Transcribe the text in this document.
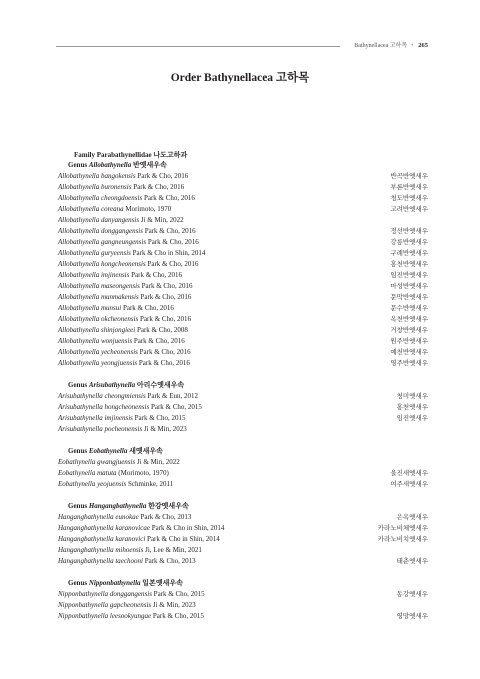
Bathynellacea 고하목 • 265
Order Bathynellacea 고하목
Family Parabathynellidae 나도고하과
Genus Allobathynella 반옛새우속
Allobathynella bangokensis Park & Cho, 2016	반곡반옛새우
Allobathynella buronensis Park & Cho, 2016	부론반옛새우
Allobathynella cheongdoensis Park & Cho, 2016	청도반옛새우
Allobathynella coreana Morimoto, 1970	고려반옛새우
Allobathynella danyangensis Ji & Min, 2022
Allobathynella donggangensis Park & Cho, 2016	정선반옛새우
Allobathynella gangneungensis Park & Cho, 2016	강릉반옛새우
Allobathynella guryeensis Park & Cho in Shin, 2014	구례반옛새우
Allobathynella hongcheonensis Park & Cho, 2016	홍천반옛새우
Allobathynella imjinensis Park & Cho, 2016	임진반옛새우
Allobathynella maseongensis Park & Cho, 2016	마성반옛새우
Allobathynella munmakensis Park & Cho, 2016	문막반옛새우
Allobathynella munsui Park & Cho, 2016	문수반옛새우
Allobathynella okcheonensis Park & Cho, 2016	옥천반옛새우
Allobathynella shinjongieei Park & Cho, 2008	거창반옛새우
Allobathynella wonjuensis Park & Cho, 2016	원주반옛새우
Allobathynella yecheonensis Park & Cho, 2016	예천반옛새우
Allobathynella yeongjuensis Park & Cho, 2016	영주반옛새우
Genus Arisubathynella 아리수옛새우속
Arisubathynella cheongmiensis Park & Eun, 2012	청미옛새우
Arisubathynella hongcheonensis Park & Cho, 2015	홍천옛새우
Arisubathynella imjinensis Park & Cho, 2015	임진옛새우
Arisubathynella pocheonensis Ji & Min, 2023
Genus Eobathynella 새옛새우속
Eobathynella gwangjuensis Ji & Min, 2022
Eobathynella matuta (Morimoto, 1970)	울진새옛새우
Eobathynella yeojuensis Schminke, 2011	여주새옛새우
Genus Hangangbathynella 한강옛새우속
Hangangbathynella eunokae Park & Cho, 2013	은옥옛새우
Hangangbathynella karanovicae Park & Cho in Shin, 2014	카라노비체옛새우
Hangangbathynella karanovici Park & Cho in Shin, 2014	카라노비치옛새우
Hangangbathynella mihoensis Ji, Lee & Min, 2021
Hangangbathynella taechooni Park & Cho, 2013	태춘옛새우
Genus Nipponbathynella 일본옛새우속
Nipponbathynella donggangensis Park & Cho, 2015	동강옛새우
Nipponbathynella gapcheonensis Ji & Min, 2023
Nipponbathynella leesookyungae Park & Cho, 2015	영망옛새우
